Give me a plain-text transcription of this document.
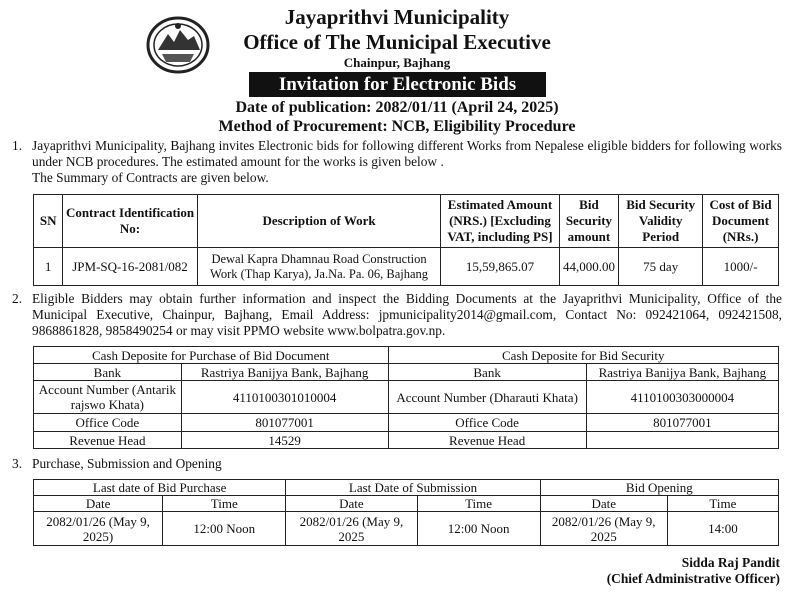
Jayaprithvi Municipality
Office of The Municipal Executive
Chainpur, Bajhang
Invitation for Electronic Bids
Date of publication: 2082/01/11 (April 24, 2025)
Method of Procurement: NCB, Eligibility Procedure
1. Jayaprithvi Municipality, Bajhang invites Electronic bids for following different Works from Nepalese eligible bidders for following works under NCB procedures. The estimated amount for the works is given below .
The Summary of Contracts are given below.
SN	Contract Identification No:	Description of Work	Estimated Amount (NRS.) [Excluding VAT, including PS]	Bid Security amount	Bid Security Validity Period	Cost of Bid Document (NRs.)
1	JPM-SQ-16-2081/082	Dewal Kapra Dhamnau Road Construction Work (Thap Karya), Ja.Na. Pa. 06, Bajhang	15,59,865.07	44,000.00	75 day	1000/-
2. Eligible Bidders may obtain further information and inspect the Bidding Documents at the Jayaprithvi Municipality, Office of the Municipal Executive, Chainpur, Bajhang, Email Address: jpmunicipality2014@gmail.com, Contact No: 092421064, 092421508, 9868861828, 9858490254 or may visit PPMO website www.bolpatra.gov.np.
Cash Deposite for Purchase of Bid Document		Cash Deposite for Bid Security	
Bank	Rastriya Banijya Bank, Bajhang	Bank	Rastriya Banijya Bank, Bajhang
Account Number (Antarik rajswo Khata)	4110100301010004	Account Number (Dharauti Khata)	4110100303000004
Office Code	801077001	Office Code	801077001
Revenue Head	14529	Revenue Head	
3. Purchase, Submission and Opening
Last date of Bid Purchase		Last Date of Submission		Bid Opening	
Date	Time	Date	Time	Date	Time
2082/01/26 (May 9, 2025)	12:00 Noon	2082/01/26 (May 9, 2025	12:00 Noon	2082/01/26 (May 9, 2025	14:00
Sidda Raj Pandit
(Chief Administrative Officer)
